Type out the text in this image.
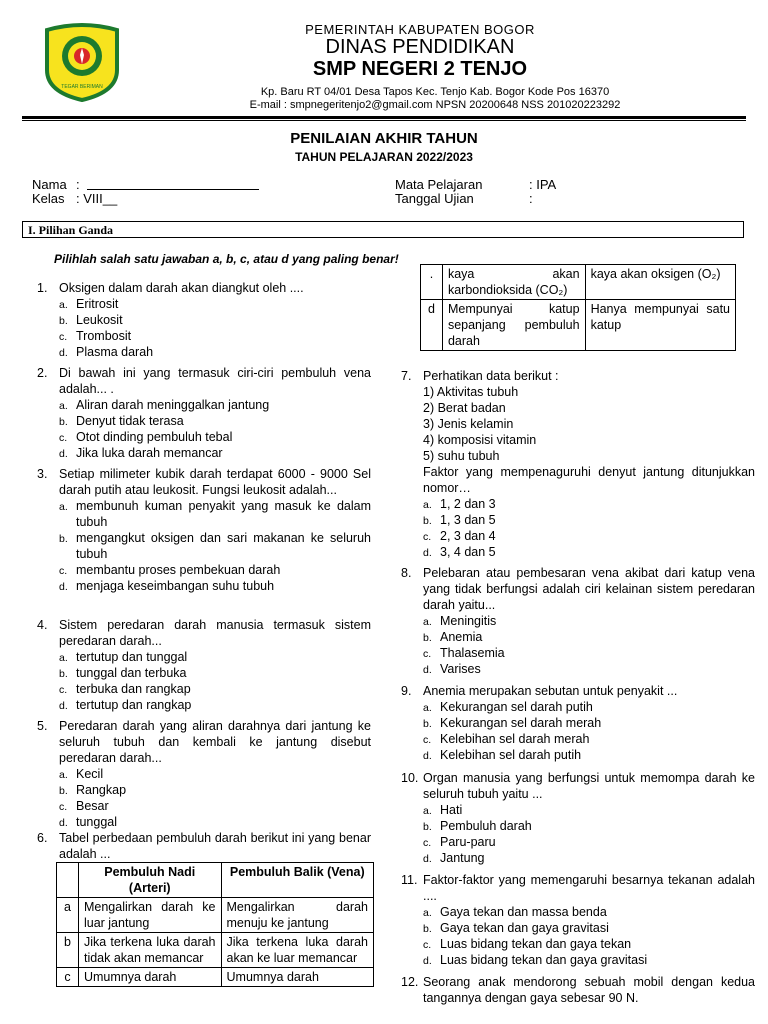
TEGAR BERIMAN
PEMERINTAH KABUPATEN BOGOR
DINAS PENDIDIKAN
SMP NEGERI 2 TENJO
Kp. Baru RT 04/01 Desa Tapos Kec. Tenjo Kab. Bogor Kode Pos 16370
E-mail : smpnegeritenjo2@gmail.com NPSN 20200648 NSS 201020223292
PENILAIAN AKHIR TAHUN
TAHUN PELAJARAN 2022/2023
Nama :
Kelas : VIII__
Mata Pelajaran	: IPA
Tanggal Ujian	:
I. Pilihan Ganda
Pilihlah salah satu jawaban a, b, c, atau d yang paling benar!
1. Oksigen dalam darah akan diangkut oleh ....
a. Eritrosit
b. Leukosit
c. Trombosit
d. Plasma darah
2. Di bawah ini yang termasuk ciri-ciri pembuluh vena adalah... .
a. Aliran darah meninggalkan jantung
b. Denyut tidak terasa
c. Otot dinding pembuluh tebal
d. Jika luka darah memancar
3. Setiap milimeter kubik darah terdapat 6000 - 9000 Sel darah putih atau leukosit. Fungsi leukosit adalah...
a. membunuh kuman penyakit yang masuk ke dalam tubuh
b. mengangkut oksigen dan sari makanan ke seluruh tubuh
c. membantu proses pembekuan darah
d. menjaga keseimbangan suhu tubuh
4. Sistem peredaran darah manusia termasuk sistem peredaran darah...
a. tertutup dan tunggal
b. tunggal dan terbuka
c. terbuka dan rangkap
d. tertutup dan rangkap
5. Peredaran darah yang aliran darahnya dari jantung ke seluruh tubuh dan kembali ke jantung disebut peredaran darah...
a. Kecil
b. Rangkap
c. Besar
d. tunggal
6. Tabel perbedaan pembuluh darah berikut ini yang benar adalah ...
	Pembuluh Nadi (Arteri)	Pembuluh Balik (Vena)
a	Mengalirkan darah ke luar jantung	Mengalirkan darah menuju ke jantung
b	Jika terkena luka darah tidak akan memancar	Jika terkena luka darah akan ke luar memancar
c	Umumnya darah	Umumnya darah
.	kaya akan karbondioksida (CO₂)	kaya akan oksigen (O₂)
d	Mempunyai katup sepanjang pembuluh darah	Hanya mempunyai satu katup
7. Perhatikan data berikut :
1) Aktivitas tubuh
2) Berat badan
3) Jenis kelamin
4) komposisi vitamin
5) suhu tubuh
Faktor yang mempenaguruhi denyut jantung ditunjukkan nomor…
a. 1, 2 dan 3
b. 1, 3 dan 5
c. 2, 3 dan 4
d. 3, 4 dan 5
8. Pelebaran atau pembesaran vena akibat dari katup vena yang tidak berfungsi adalah ciri kelainan sistem peredaran darah yaitu...
a. Meningitis
b. Anemia
c. Thalasemia
d. Varises
9. Anemia merupakan sebutan untuk penyakit ...
a. Kekurangan sel darah putih
b. Kekurangan sel darah merah
c. Kelebihan sel darah merah
d. Kelebihan sel darah putih
10. Organ manusia yang berfungsi untuk memompa darah ke seluruh tubuh yaitu ...
a. Hati
b. Pembuluh darah
c. Paru-paru
d. Jantung
11. Faktor-faktor yang memengaruhi besarnya tekanan adalah ....
a. Gaya tekan dan massa benda
b. Gaya tekan dan gaya gravitasi
c. Luas bidang tekan dan gaya tekan
d. Luas bidang tekan dan gaya gravitasi
12. Seorang anak mendorong sebuah mobil dengan kedua tangannya dengan gaya sebesar 90 N.
